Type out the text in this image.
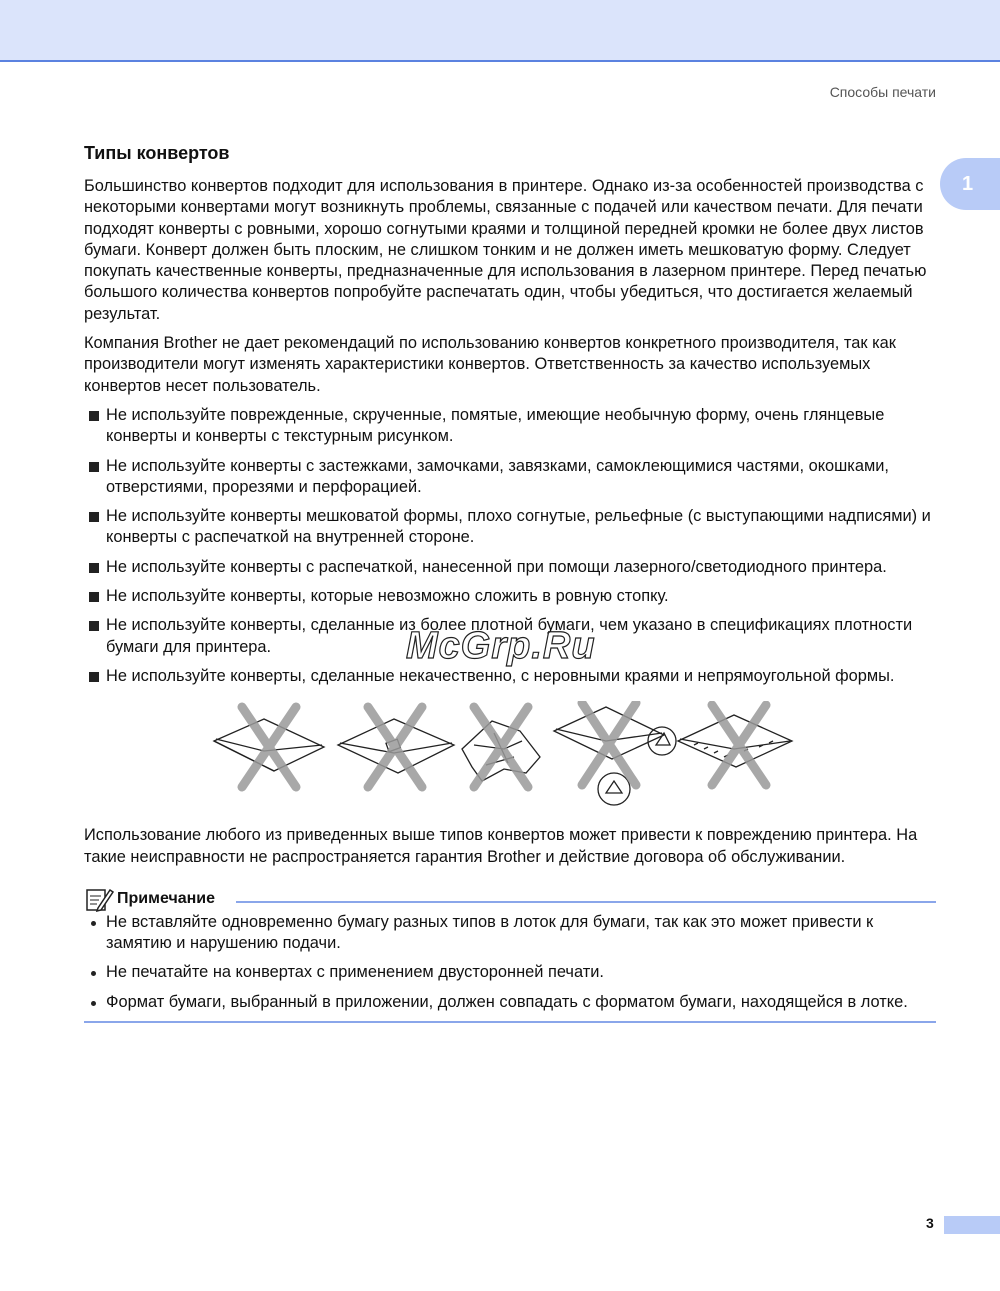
Способы печати
1
Типы конвертов

Большинство конвертов подходит для использования в принтере. Однако из-за особенностей производства с некоторыми конвертами могут возникнуть проблемы, связанные с подачей или качеством печати. Для печати подходят конверты с ровными, хорошо согнутыми краями и толщиной передней кромки не более двух листов бумаги. Конверт должен быть плоским, не слишком тонким и не должен иметь мешковатую форму. Следует покупать качественные конверты, предназначенные для использования в лазерном принтере. Перед печатью большого количества конвертов попробуйте распечатать один, чтобы убедиться, что достигается желаемый результат.

Компания Brother не дает рекомендаций по использованию конвертов конкретного производителя, так как производители могут изменять характеристики конвертов. Ответственность за качество используемых конвертов несет пользователь.

Не используйте поврежденные, скрученные, помятые, имеющие необычную форму, очень глянцевые конверты и конверты с текстурным рисунком.
Не используйте конверты с застежками, замочками, завязками, самоклеющимися частями, окошками, отверстиями, прорезями и перфорацией.
Не используйте конверты мешковатой формы, плохо согнутые, рельефные (с выступающими надписями) и конверты с распечаткой на внутренней стороне.
Не используйте конверты с распечаткой, нанесенной при помощи лазерного/светодиодного принтера.
Не используйте конверты, которые невозможно сложить в ровную стопку.
Не используйте конверты, сделанные из более плотной бумаги, чем указано в спецификациях плотности бумаги для принтера.
Не используйте конверты, сделанные некачественно, с неровными краями и непрямоугольной формы.

Использование любого из приведенных выше типов конвертов может привести к повреждению принтера. На такие неисправности не распространяется гарантия Brother и действие договора об обслуживании.

Примечание
Не вставляйте одновременно бумагу разных типов в лоток для бумаги, так как это может привести к замятию и нарушению подачи.
Не печатайте на конвертах с применением двусторонней печати.
Формат бумаги, выбранный в приложении, должен совпадать с форматом бумаги, находящейся в лотке.
McGrp.Ru
3
